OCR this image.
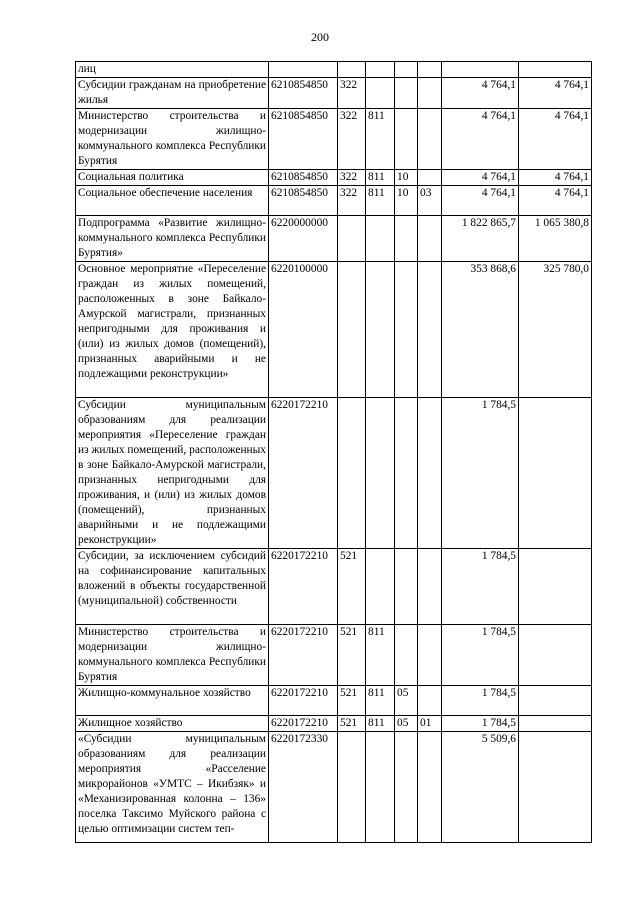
200
лиц							
Субсидии гражданам на приобретение жилья	6210854850	322				4 764,1	4 764,1
Министерство строительства и модернизации жилищно-коммунального комплекса Республики Бурятия	6210854850	322	811			4 764,1	4 764,1
Социальная политика	6210854850	322	811	10		4 764,1	4 764,1
Социальное обеспечение населения	6210854850	322	811	10	03	4 764,1	4 764,1
Подпрограмма «Развитие жилищно-коммунального комплекса Республики Бурятия»	6220000000					1 822 865,7	1 065 380,8
Основное мероприятие «Переселение граждан из жилых помещений, расположенных в зоне Байкало-Амурской магистрали, признанных непригодными для проживания и (или) из жилых домов (помещений), признанных аварийными и не подлежащими реконструкции»	6220100000					353 868,6	325 780,0
Субсидии муниципальным образованиям для реализации мероприятия «Переселение граждан из жилых помещений, расположенных в зоне Байкало-Амурской магистрали, признанных непригодными для проживания, и (или) из жилых домов (помещений), признанных аварийными и не подлежащими реконструкции»	6220172210					1 784,5	
Субсидии, за исключением субсидий на софинансирование капитальных вложений в объекты государственной (муниципальной) собственности	6220172210	521				1 784,5	
Министерство строительства и модернизации жилищно-коммунального комплекса Республики Бурятия	6220172210	521	811			1 784,5	
Жилищно-коммунальное хозяйство	6220172210	521	811	05		1 784,5	
Жилищное хозяйство	6220172210	521	811	05	01	1 784,5	
«Субсидии муниципальным образованиям для реализации мероприятия «Расселение микрорайонов «УМТС – Икибзяк» и «Механизированная колонна – 136» поселка Таксимо Муйского района с целью оптимизации систем теп-	6220172330					5 509,6	
